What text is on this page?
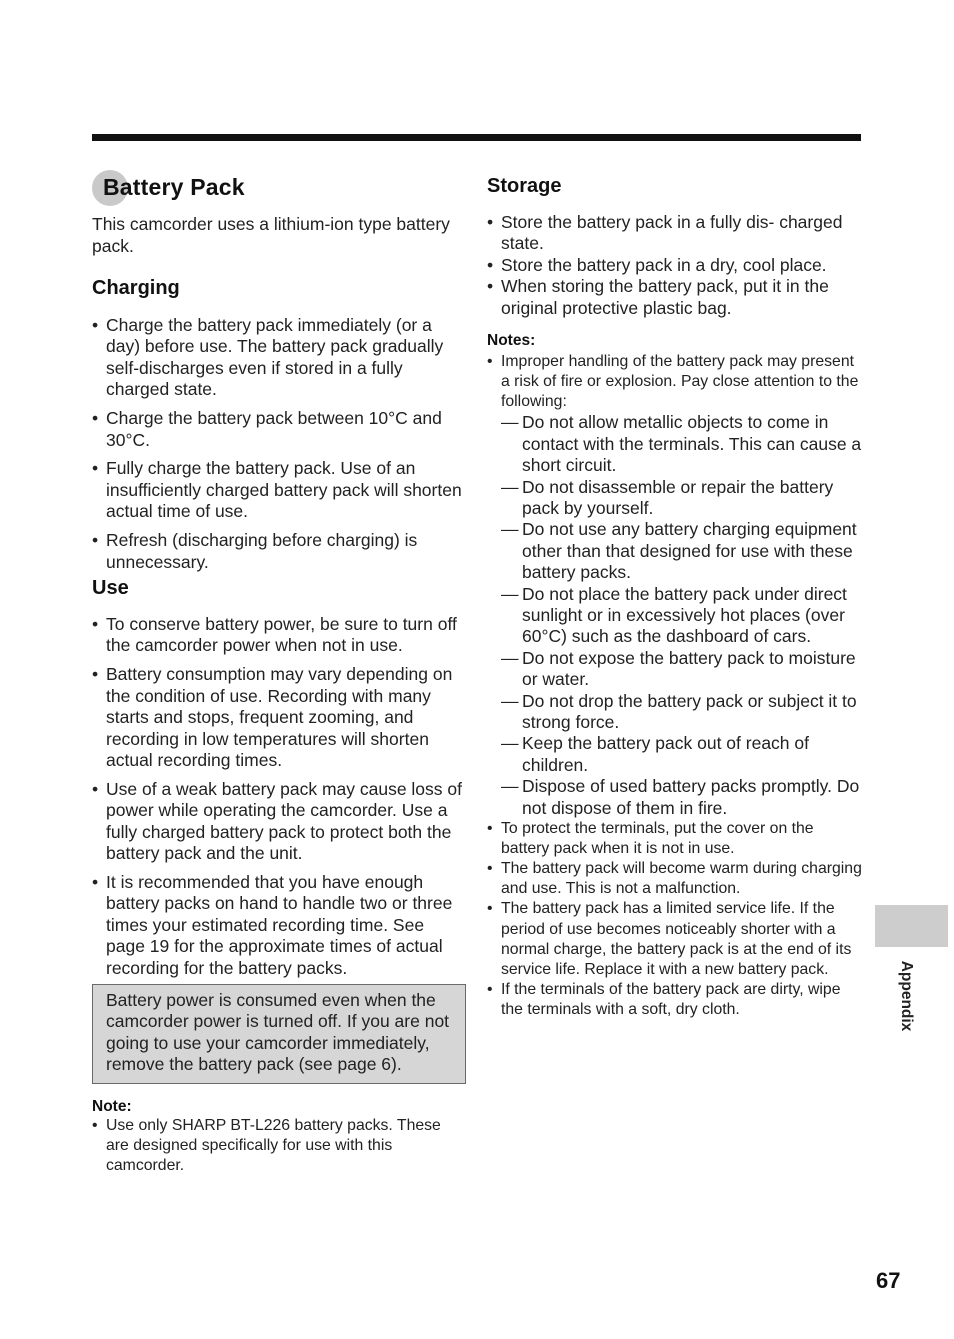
Battery Pack

This camcorder uses a lithium-ion type battery pack.

Charging
• Charge the battery pack immediately (or a day) before use. The battery pack gradually self-discharges even if stored in a fully charged state.
• Charge the battery pack between 10°C and 30°C.
• Fully charge the battery pack. Use of an insufficiently charged battery pack will shorten actual time of use.
• Refresh (discharging before charging) is unnecessary.
Use
• To conserve battery power, be sure to turn off the camcorder power when not in use.
• Battery consumption may vary depending on the condition of use. Recording with many starts and stops, frequent zooming, and recording in low temperatures will shorten actual recording times.
• Use of a weak battery pack may cause loss of power while operating the camcorder. Use a fully charged battery pack to protect both the battery pack and the unit.
• It is recommended that you have enough battery packs on hand to handle two or three times your estimated recording time. See page 19 for the approximate times of actual recording for the battery packs.
Battery power is consumed even when the camcorder power is turned off. If you are not going to use your camcorder immediately, remove the battery pack (see page 6).

Note:

• Use only SHARP BT-L226 battery packs. These are designed specifically for use with this camcorder.
Storage
• Store the battery pack in a fully dis- charged state.
• Store the battery pack in a dry, cool place.
• When storing the battery pack, put it in the original protective plastic bag.

Notes:

• Improper handling of the battery pack may present a risk of fire or explosion. Pay close attention to the following:
— Do not allow metallic objects to come in contact with the terminals. This can cause a short circuit.
— Do not disassemble or repair the battery pack by yourself.
— Do not use any battery charging equipment other than that designed for use with these battery packs.
— Do not place the battery pack under direct sunlight or in excessively hot places (over 60°C) such as the dashboard of cars.
— Do not expose the battery pack to moisture or water.
— Do not drop the battery pack or subject it to strong force.
— Keep the battery pack out of reach of children.
— Dispose of used battery packs promptly. Do not dispose of them in fire.
• To protect the terminals, put the cover on the battery pack when it is not in use.
• The battery pack will become warm during charging and use. This is not a malfunction.
• The battery pack has a limited service life. If the period of use becomes noticeably shorter with a normal charge, the battery pack is at the end of its service life. Replace it with a new battery pack.
• If the terminals of the battery pack are dirty, wipe the terminals with a soft, dry cloth.	Appendix
67
